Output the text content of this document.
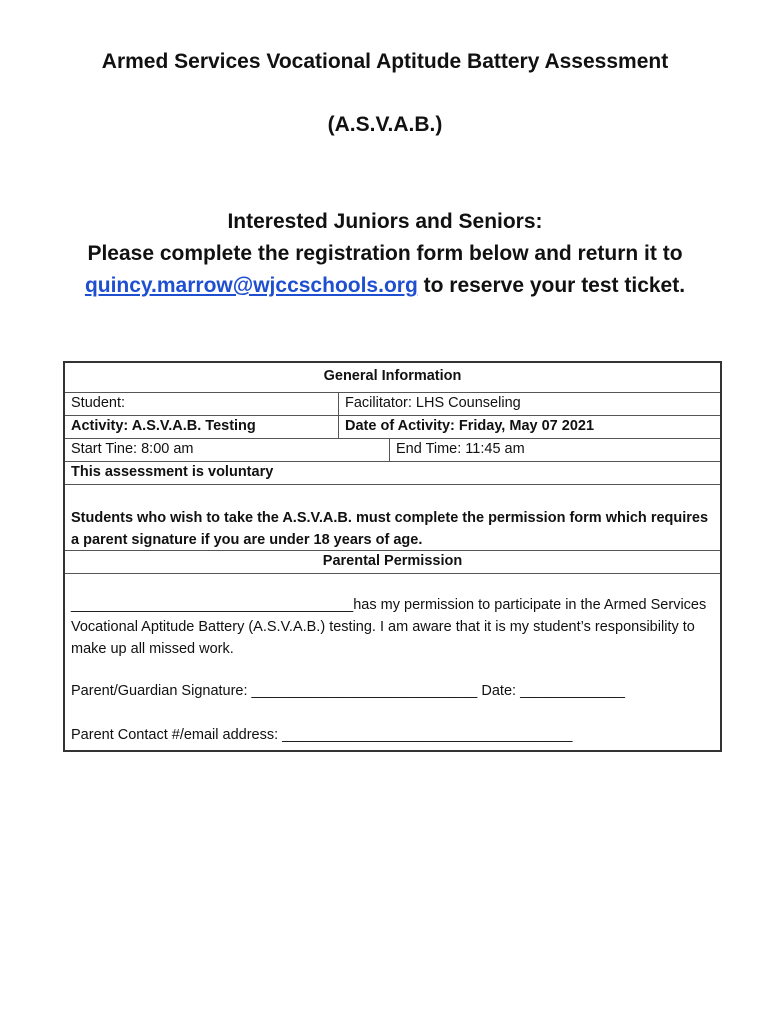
Armed Services Vocational Aptitude Battery Assessment
(A.S.V.A.B.)
Interested Juniors and Seniors:
Please complete the registration form below and return it to quincy.marrow@wjccschools.org to reserve your test ticket.
General Information
Student:	Facilitator: LHS Counseling
Activity: A.S.V.A.B. Testing	Date of Activity: Friday, May 07 2021
Start Tine: 8:00 am	End Time: 11:45 am
This assessment is voluntary
Students who wish to take the A.S.V.A.B. must complete the permission form which requires a parent signature if you are under 18 years of age.
Parental Permission
___________________________________has my permission to participate in the Armed Services Vocational Aptitude Battery (A.S.V.A.B.) testing. I am aware that it is my student’s responsibility to make up all missed work.
Parent/Guardian Signature: ____________________________ Date: _____________
Parent Contact #/email address: ____________________________________
